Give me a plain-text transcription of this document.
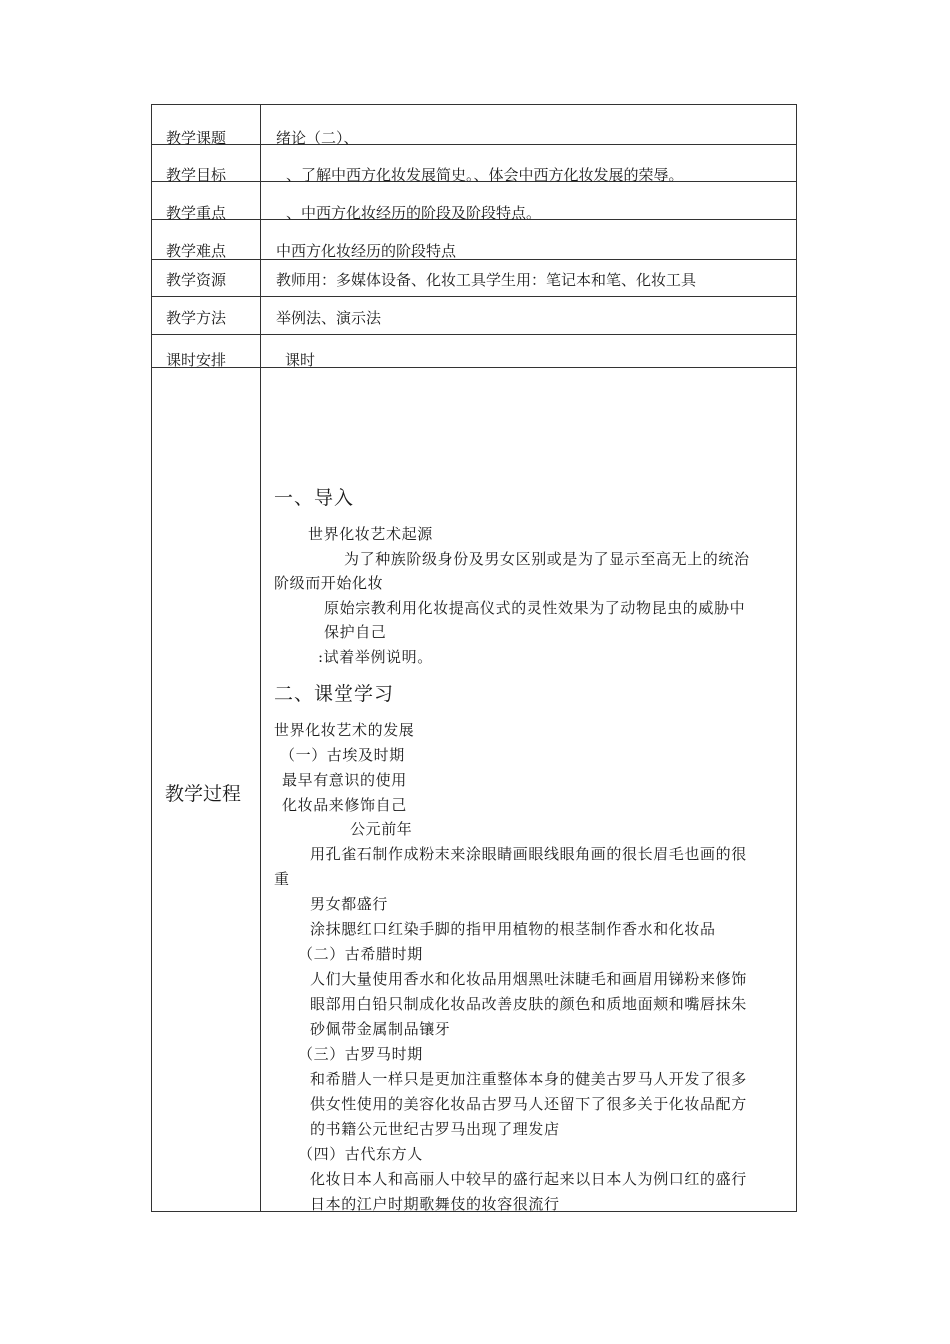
教学课题	绪论（二）、
教学目标	、了解中西方化妆发展简史。、体会中西方化妆发展的荣辱。
教学重点	、中西方化妆经历的阶段及阶段特点。
教学难点	中西方化妆经历的阶段特点
教学资源	教师用：多媒体设备、化妆工具学生用：笔记本和笔、化妆工具
教学方法	举例法、演示法
课时安排	课时
教学过程
一、导入
世界化妆艺术起源
为了种族阶级身份及男女区别或是为了显示至高无上的统治
阶级而开始化妆
原始宗教利用化妆提高仪式的灵性效果为了动物昆虫的威胁中
保护自己
:试着举例说明。
二、课堂学习
世界化妆艺术的发展
（一）古埃及时期
最早有意识的使用
化妆品来修饰自己
公元前年
用孔雀石制作成粉末来涂眼睛画眼线眼角画的很长眉毛也画的很
重
男女都盛行
涂抹腮红口红染手脚的指甲用植物的根茎制作香水和化妆品
（二）古希腊时期
人们大量使用香水和化妆品用烟黑吐沫睫毛和画眉用锑粉来修饰
眼部用白铅只制成化妆品改善皮肤的颜色和质地面颊和嘴唇抹朱
砂佩带金属制品镶牙
（三）古罗马时期
和希腊人一样只是更加注重整体本身的健美古罗马人开发了很多
供女性使用的美容化妆品古罗马人还留下了很多关于化妆品配方
的书籍公元世纪古罗马出现了理发店
（四）古代东方人
化妆日本人和高丽人中较早的盛行起来以日本人为例口红的盛行
日本的江户时期歌舞伎的妆容很流行
